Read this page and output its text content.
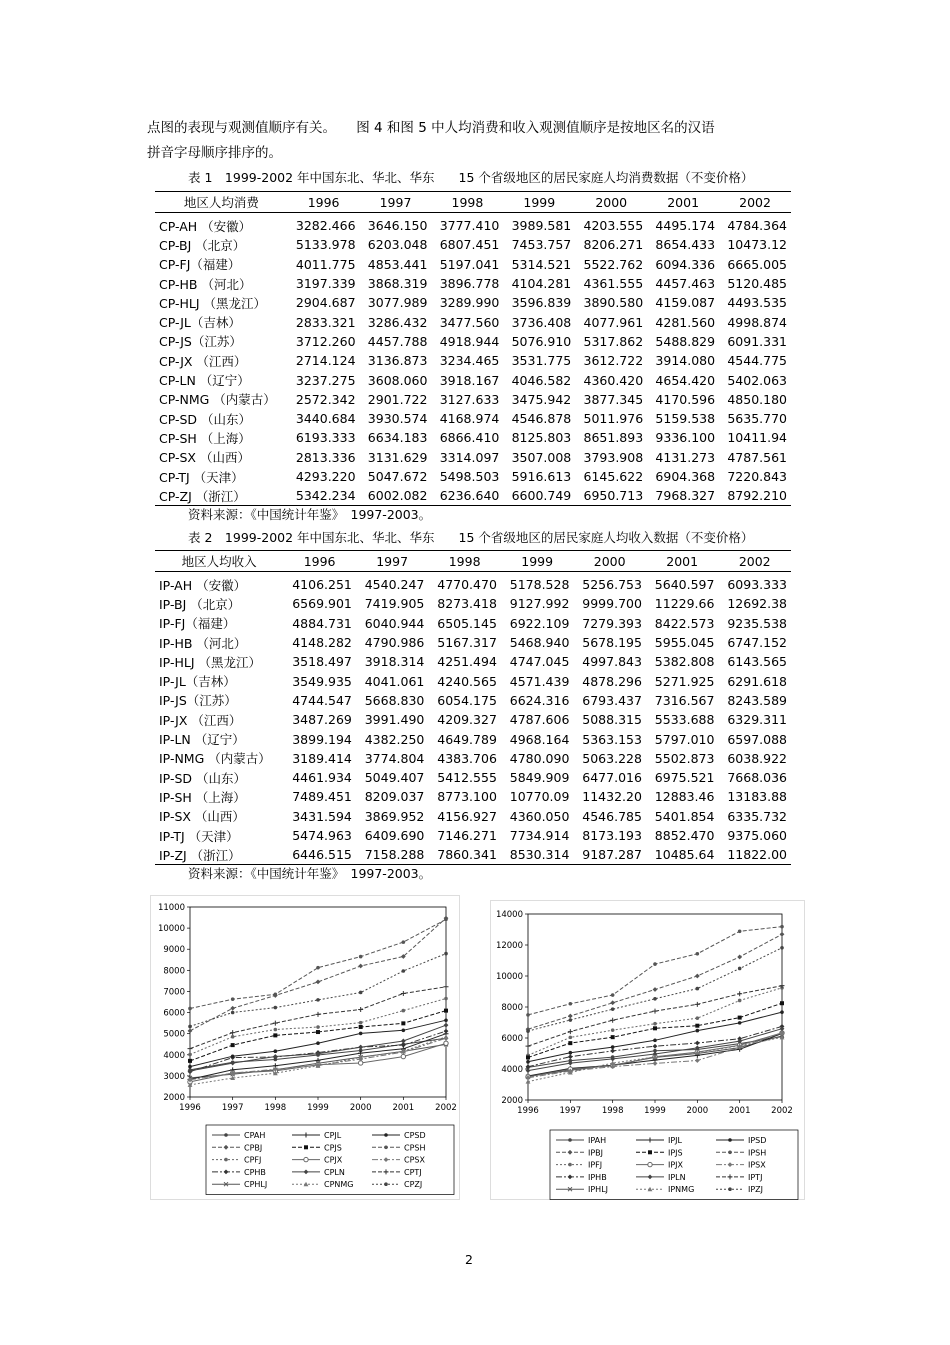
点图的表现与观测值顺序有关。　　图 4 和图 5 中人均消费和收入观测值顺序是按地区名的汉语
拼音字母顺序排序的。
表 1　1999-2002 年中国东北、华北、华东 15 个省级地区的居民家庭人均消费数据（不变价格）
地区人均消费	1996	1997	1998	1999	2000	2001	2002
CP-AH （安徽）	3282.466	3646.150	3777.410	3989.581	4203.555	4495.174	4784.364
CP-BJ （北京）	5133.978	6203.048	6807.451	7453.757	8206.271	8654.433	10473.12
CP-FJ（福建）	4011.775	4853.441	5197.041	5314.521	5522.762	6094.336	6665.005
CP-HB （河北）	3197.339	3868.319	3896.778	4104.281	4361.555	4457.463	5120.485
CP-HLJ （黑龙江）	2904.687	3077.989	3289.990	3596.839	3890.580	4159.087	4493.535
CP-JL（吉林）	2833.321	3286.432	3477.560	3736.408	4077.961	4281.560	4998.874
CP-JS（江苏）	3712.260	4457.788	4918.944	5076.910	5317.862	5488.829	6091.331
CP-JX （江西）	2714.124	3136.873	3234.465	3531.775	3612.722	3914.080	4544.775
CP-LN （辽宁）	3237.275	3608.060	3918.167	4046.582	4360.420	4654.420	5402.063
CP-NMG （内蒙古）	2572.342	2901.722	3127.633	3475.942	3877.345	4170.596	4850.180
CP-SD （山东）	3440.684	3930.574	4168.974	4546.878	5011.976	5159.538	5635.770
CP-SH （上海）	6193.333	6634.183	6866.410	8125.803	8651.893	9336.100	10411.94
CP-SX （山西）	2813.336	3131.629	3314.097	3507.008	3793.908	4131.273	4787.561
CP-TJ （天津）	4293.220	5047.672	5498.503	5916.613	6145.622	6904.368	7220.843
CP-ZJ （浙江）	5342.234	6002.082	6236.640	6600.749	6950.713	7968.327	8792.210
资料来源：《中国统计年鉴》　1997-2003。
表 2　1999-2002 年中国东北、华北、华东 15 个省级地区的居民家庭人均收入数据（不变价格）
地区人均收入	1996	1997	1998	1999	2000	2001	2002
IP-AH （安徽）	4106.251	4540.247	4770.470	5178.528	5256.753	5640.597	6093.333
IP-BJ （北京）	6569.901	7419.905	8273.418	9127.992	9999.700	11229.66	12692.38
IP-FJ（福建）	4884.731	6040.944	6505.145	6922.109	7279.393	8422.573	9235.538
IP-HB （河北）	4148.282	4790.986	5167.317	5468.940	5678.195	5955.045	6747.152
IP-HLJ （黑龙江）	3518.497	3918.314	4251.494	4747.045	4997.843	5382.808	6143.565
IP-JL（吉林）	3549.935	4041.061	4240.565	4571.439	4878.296	5271.925	6291.618
IP-JS（江苏）	4744.547	5668.830	6054.175	6624.316	6793.437	7316.567	8243.589
IP-JX （江西）	3487.269	3991.490	4209.327	4787.606	5088.315	5533.688	6329.311
IP-LN （辽宁）	3899.194	4382.250	4649.789	4968.164	5363.153	5797.010	6597.088
IP-NMG （内蒙古）	3189.414	3774.804	4383.706	4780.090	5063.228	5502.873	6038.922
IP-SD （山东）	4461.934	5049.407	5412.555	5849.909	6477.016	6975.521	7668.036
IP-SH （上海）	7489.451	8209.037	8773.100	10770.09	11432.20	12883.46	13183.88
IP-SX （山西）	3431.594	3869.952	4156.927	4360.050	4546.785	5401.854	6335.732
IP-TJ （天津）	5474.963	6409.690	7146.271	7734.914	8173.193	8852.470	9375.060
IP-ZJ （浙江）	6446.515	7158.288	7860.341	8530.314	9187.287	10485.64	11822.00
资料来源：《中国统计年鉴》　1997-2003。
2000
3000
4000
5000
6000
7000
8000
9000
10000
11000
1996 1997 1998 1999 2000 2001 2002
CPAH
CPBJ
CPFJ
CPHB
CPHLJ
CPJL
CPJS
CPJX
CPLN
CPNMG
CPSD
CPSH
CPSX
CPTJ
CPZJ
2000
4000
6000
8000
10000
12000
14000
1996 1997 1998 1999 2000 2001 2002
IPAH
IPBJ
IPFJ
IPHB
IPHLJ
IPJL
IPJS
IPJX
IPLN
IPNMG
IPSD
IPSH
IPSX
IPTJ
IPZJ
2
